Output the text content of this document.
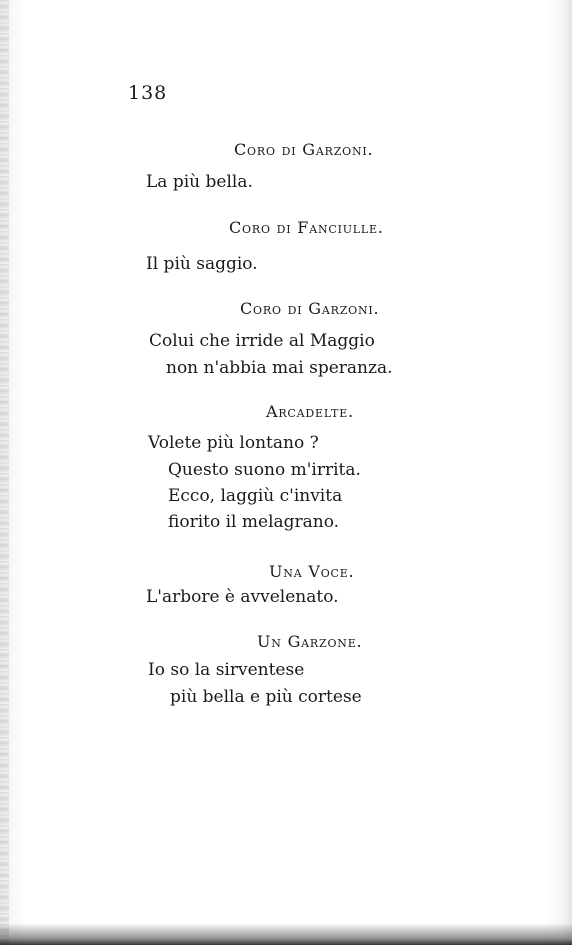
138
Coro di Garzoni.
La più bella.
Coro di Fanciulle.
Il più saggio.
Coro di Garzoni.
Colui che irride al Maggio
non n'abbia mai speranza.
Arcadelte.
Volete più lontano ?
Questo suono m'irrita.
Ecco, laggiù c'invita
fiorito il melagrano.
Una Voce.
L'arbore è avvelenato.
Un Garzone.
Io so la sirventese
più bella e più cortese
